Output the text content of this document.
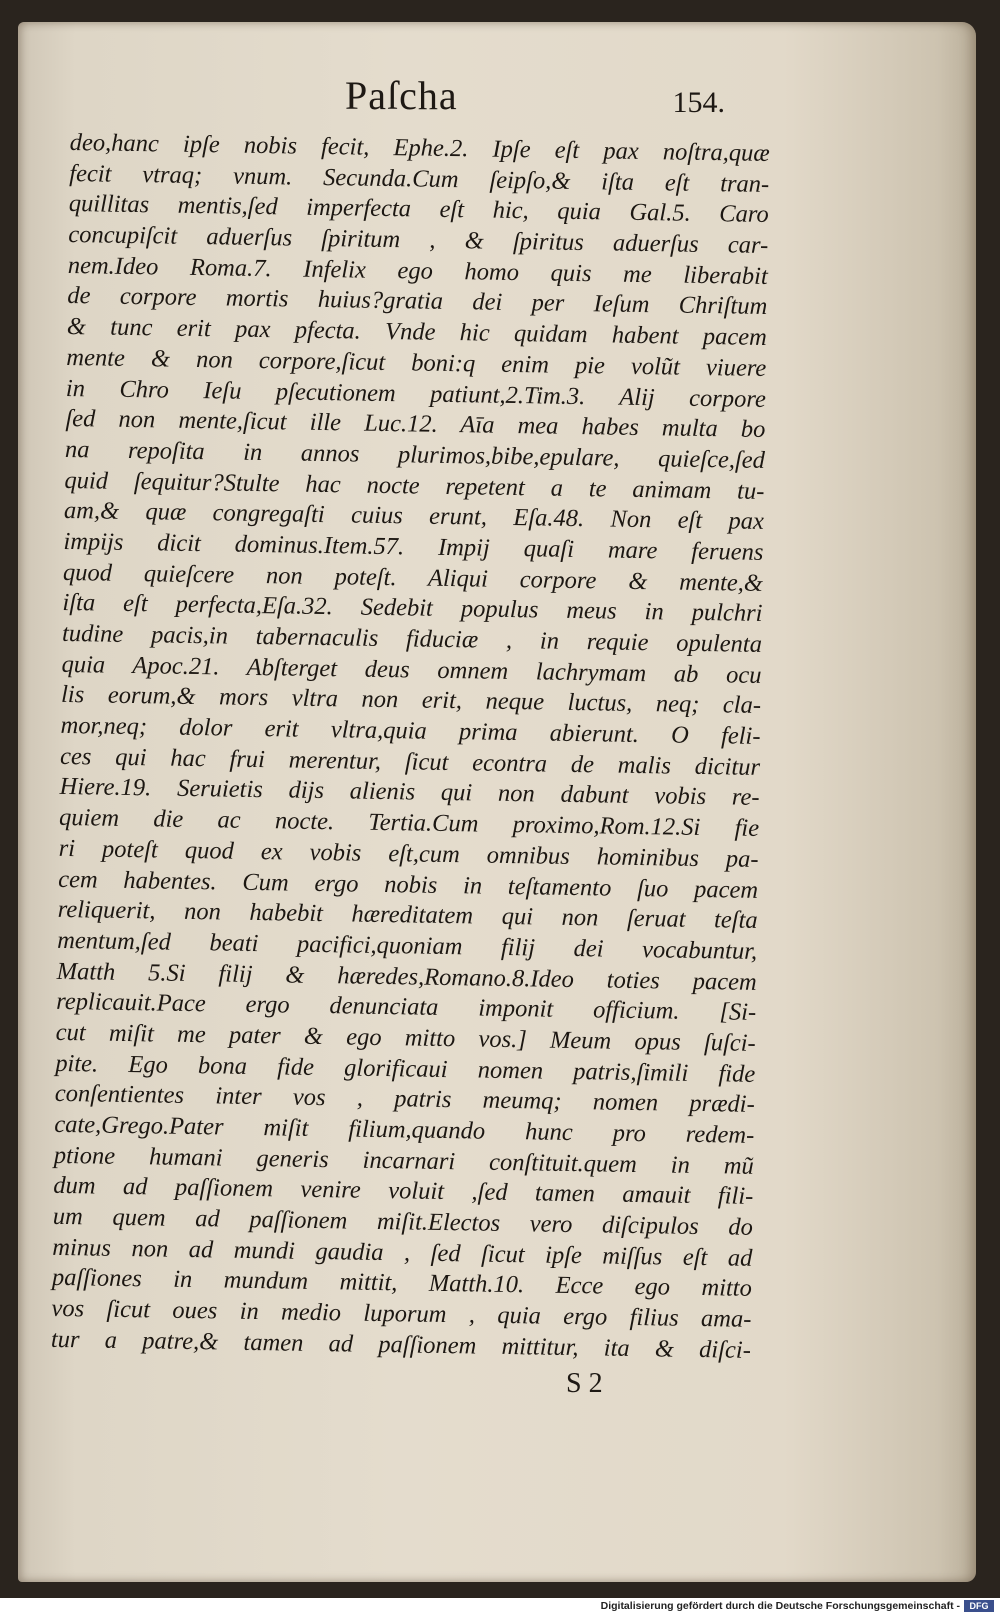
Paſcha	154.
deo,hanc ipſe nobis fecit, Ephe.2. Ipſe eſt pax noſtra,quæ
fecit vtraq; vnum. Secunda.Cum ſeipſo,& iſta eſt tran-
quillitas mentis,ſed imperfecta eſt hic, quia Gal.5. Caro
concupiſcit aduerſus ſpiritum , & ſpiritus aduerſus car-
nem.Ideo Roma.7. Infelix ego homo quis me liberabit
de corpore mortis huius?gratia dei per Ieſum Chriſtum
& tunc erit pax pfecta. Vnde hic quidam habent pacem
mente & non corpore,ſicut boni:q enim pie volũt viuere
in Chro Ieſu pſecutionem patiunt,2.Tim.3. Alij corpore
ſed non mente,ſicut ille Luc.12. Aīa mea habes multa bo
na repoſita in annos plurimos,bibe,epulare, quieſce,ſed
quid ſequitur?Stulte hac nocte repetent a te animam tu-
am,& quæ congregaſti cuius erunt, Eſa.48. Non eſt pax
impijs dicit dominus.Item.57. Impij quaſi mare feruens
quod quieſcere non poteſt. Aliqui corpore & mente,&
iſta eſt perfecta,Eſa.32. Sedebit populus meus in pulchri
tudine pacis,in tabernaculis fiduciæ , in requie opulenta
quia Apoc.21. Abſterget deus omnem lachrymam ab ocu
lis eorum,& mors vltra non erit, neque luctus, neq; cla-
mor,neq; dolor erit vltra,quia prima abierunt. O feli-
ces qui hac frui merentur, ſicut econtra de malis dicitur
Hiere.19. Seruietis dijs alienis qui non dabunt vobis re-
quiem die ac nocte. Tertia.Cum proximo,Rom.12.Si fie
ri poteſt quod ex vobis eſt,cum omnibus hominibus pa-
cem habentes. Cum ergo nobis in teſtamento ſuo pacem
reliquerit, non habebit hæreditatem qui non ſeruat teſta
mentum,ſed beati pacifici,quoniam filij dei vocabuntur,
Matth 5.Si filij & hæredes,Romano.8.Ideo toties pacem
replicauit.Pace ergo denunciata imponit officium. [Si-
cut miſit me pater & ego mitto vos.] Meum opus ſuſci-
pite. Ego bona fide glorificaui nomen patris,ſimili fide
conſentientes inter vos , patris meumq; nomen prædi-
cate,Grego.Pater miſit filium,quando hunc pro redem-
ptione humani generis incarnari conſtituit.quem in mũ
dum ad paſſionem venire voluit ,ſed tamen amauit fili-
um quem ad paſſionem miſit.Electos vero diſcipulos do
minus non ad mundi gaudia , ſed ſicut ipſe miſſus eſt ad
paſſiones in mundum mittit, Matth.10. Ecce ego mitto
vos ſicut oues in medio luporum , quia ergo filius ama-
tur a patre,& tamen ad paſſionem mittitur, ita & diſci-
S 2
Digitalisierung gefördert durch die Deutsche Forschungsgemeinschaft -	DFG
